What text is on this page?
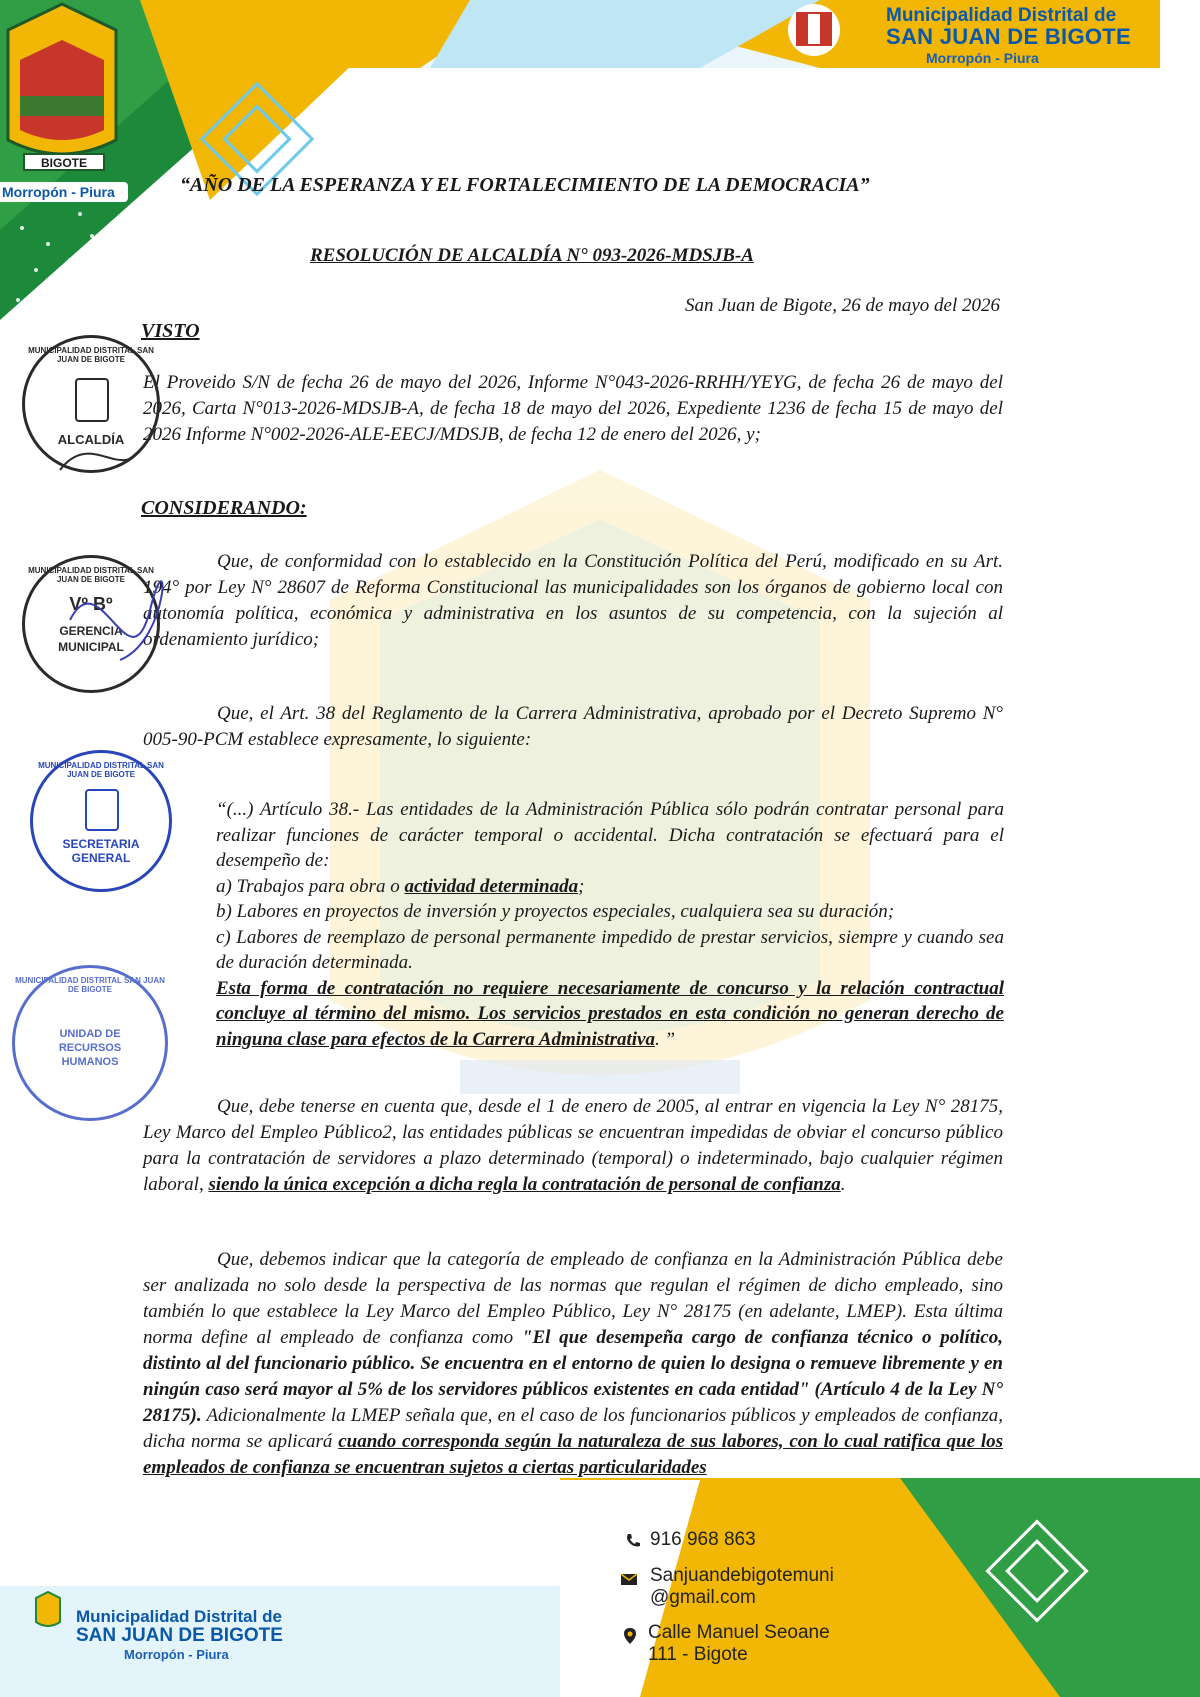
Morropón - Piura
BIGOTE
Municipalidad Distrital de
SAN JUAN DE BIGOTE
Morropón - Piura
“AÑO DE LA ESPERANZA Y EL FORTALECIMIENTO DE LA DEMOCRACIA”
RESOLUCIÓN DE ALCALDÍA N° 093-2026-MDSJB-A
San Juan de Bigote, 26 de mayo del 2026
VISTO
El Proveido S/N de fecha 26 de mayo del 2026, Informe N°043-2026-RRHH/YEYG, de fecha 26 de mayo del 2026, Carta N°013-2026-MDSJB-A, de fecha 18 de mayo del 2026, Expediente 1236 de fecha 15 de mayo del 2026 Informe N°002-2026-ALE-EECJ/MDSJB, de fecha 12 de enero del 2026, y;
CONSIDERANDO:
Que, de conformidad con lo establecido en la Constitución Política del Perú, modificado en su Art. 194° por Ley N° 28607 de Reforma Constitucional las municipalidades son los órganos de gobierno local con autonomía política, económica y administrativa en los asuntos de su competencia, con la sujeción al ordenamiento jurídico;
Que, el Art. 38 del Reglamento de la Carrera Administrativa, aprobado por el Decreto Supremo N° 005-90-PCM establece expresamente, lo siguiente:
“(...) Artículo 38.- Las entidades de la Administración Pública sólo podrán contratar personal para realizar funciones de carácter temporal o accidental. Dicha contratación se efectuará para el desempeño de:
a) Trabajos para obra o actividad determinada;
b) Labores en proyectos de inversión y proyectos especiales, cualquiera sea su duración;
c) Labores de reemplazo de personal permanente impedido de prestar servicios, siempre y cuando sea de duración determinada.
Esta forma de contratación no requiere necesariamente de concurso y la relación contractual concluye al término del mismo. Los servicios prestados en esta condición no generan derecho de ninguna clase para efectos de la Carrera Administrativa. ”
Que, debe tenerse en cuenta que, desde el 1 de enero de 2005, al entrar en vigencia la Ley N° 28175, Ley Marco del Empleo Público2, las entidades públicas se encuentran impedidas de obviar el concurso público para la contratación de servidores a plazo determinado (temporal) o indeterminado, bajo cualquier régimen laboral, siendo la única excepción a dicha regla la contratación de personal de confianza.
Que, debemos indicar que la categoría de empleado de confianza en la Administración Pública debe ser analizada no solo desde la perspectiva de las normas que regulan el régimen de dicho empleado, sino también lo que establece la Ley Marco del Empleo Público, Ley N° 28175 (en adelante, LMEP). Esta última norma define al empleado de confianza como "El que desempeña cargo de confianza técnico o político, distinto al del funcionario público. Se encuentra en el entorno de quien lo designa o remueve libremente y en ningún caso será mayor al 5% de los servidores públicos existentes en cada entidad" (Artículo 4 de la Ley N° 28175). Adicionalmente la LMEP señala que, en el caso de los funcionarios públicos y empleados de confianza, dicha norma se aplicará cuando corresponda según la naturaleza de sus labores, con lo cual ratifica que los empleados de confianza se encuentran sujetos a ciertas particularidades
MUNICIPALIDAD DISTRITAL SAN JUAN DE BIGOTE
ALCALDÍA
MUNICIPALIDAD DISTRITAL SAN JUAN DE BIGOTE
Vº Bº
GERENCIA
MUNICIPAL
MUNICIPALIDAD DISTRITAL SAN JUAN DE BIGOTE
SECRETARIA
GENERAL
MUNICIPALIDAD DISTRITAL SAN JUAN DE BIGOTE
UNIDAD DE
RECURSOS
HUMANOS
Municipalidad Distrital de
SAN JUAN DE BIGOTE
Morropón - Piura
916 968 863
Sanjuandebigotemuni
@gmail.com
Calle Manuel Seoane
111 - Bigote
